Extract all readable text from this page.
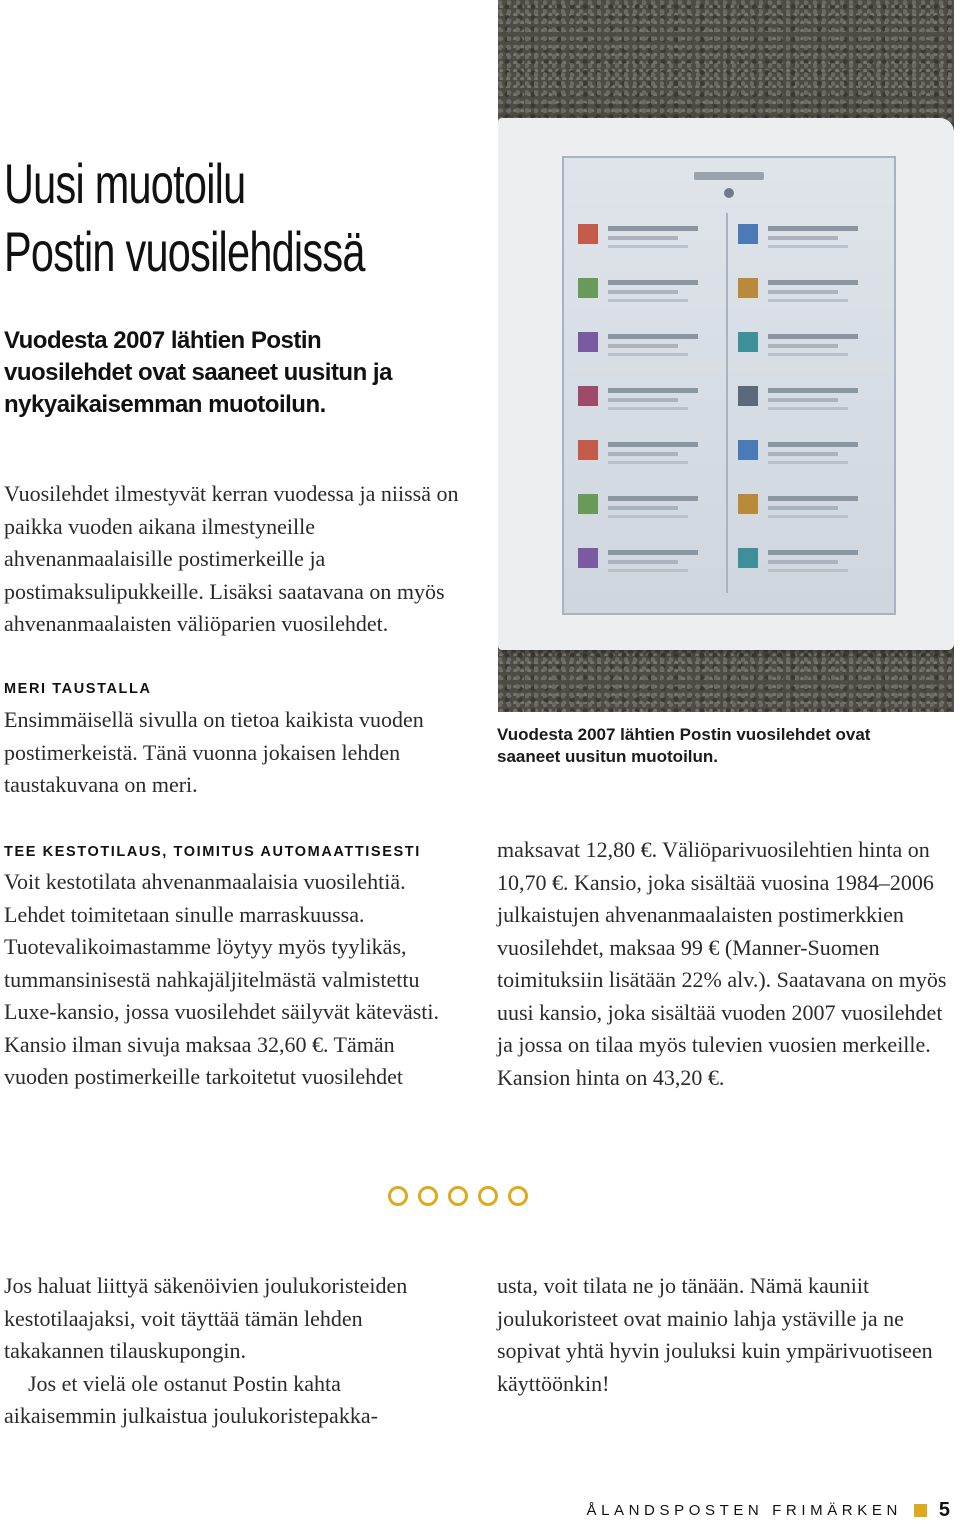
Uusi muotoilu
Postin vuosilehdissä
Vuodesta 2007 lähtien Postin vuosilehdet ovat saaneet uusitun ja nykyaikaisemman muotoilun.
Vuosilehdet ilmestyvät kerran vuodessa ja niissä on paikka vuoden aikana ilmestyneille ahvenanmaalaisille postimerkeille ja postimaksulipukkeille. Lisäksi saatavana on myös ahvenanmaalaisten väliöparien vuosilehdet.
MERI TAUSTALLA
Ensimmäisellä sivulla on tietoa kaikista vuoden postimerkeistä. Tänä vuonna jokaisen lehden taustakuvana on meri.
TEE KESTOTILAUS, TOIMITUS AUTOMAATTISESTI
Voit kestotilata ahvenanmaalaisia vuosilehtiä. Lehdet toimitetaan sinulle marraskuussa. Tuotevalikoimastamme löytyy myös tyylikäs, tummansinisestä nahkajäljitelmästä valmistettu Luxe-kansio, jossa vuosilehdet säilyvät kätevästi. Kansio ilman sivuja maksaa 32,60 €. Tämän vuoden postimerkeille tarkoitetut vuosilehdet
Vuodesta 2007 lähtien Postin vuosilehdet ovat saaneet uusitun muotoilun.
maksavat 12,80 €. Väliöparivuosilehtien hinta on 10,70 €. Kansio, joka sisältää vuosina 1984–2006 julkaistujen ahvenanmaalaisten postimerkkien vuosilehdet, maksaa 99 € (Manner-Suomen toimituksiin lisätään 22% alv.). Saatavana on myös uusi kansio, joka sisältää vuoden 2007 vuosilehdet ja jossa on tilaa myös tulevien vuosien merkeille. Kansion hinta on 43,20 €.
Jos haluat liittyä säkenöivien joulukoristeiden kestotilaajaksi, voit täyttää tämän lehden takakannen tilauskupongin.
Jos et vielä ole ostanut Postin kahta aikaisemmin julkaistua joulukoristepakka-
usta, voit tilata ne jo tänään. Nämä kauniit joulukoristeet ovat mainio lahja ystäville ja ne sopivat yhtä hyvin jouluksi kuin ympärivuotiseen käyttöönkin!
ÅLANDSPOSTEN FRIMÄRKEN 5
